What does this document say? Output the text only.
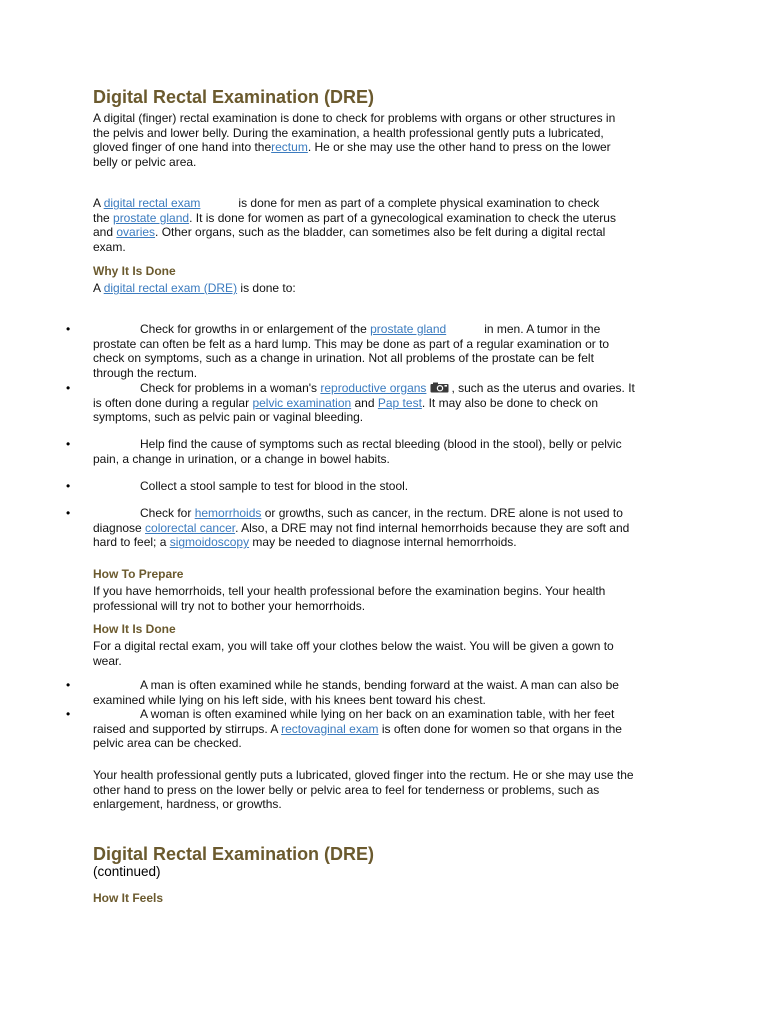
Digital Rectal Examination (DRE)
A digital (finger) rectal examination is done to check for problems with organs or other structures in
the pelvis and lower belly. During the examination, a health professional gently puts a lubricated,
gloved finger of one hand into therectum. He or she may use the other hand to press on the lower
belly or pelvic area.
A digital rectal exam	is done for men as part of a complete physical examination to check
the prostate gland. It is done for women as part of a gynecological examination to check the uterus
and ovaries. Other organs, such as the bladder, can sometimes also be felt during a digital rectal
exam.
Why It Is Done
A digital rectal exam (DRE) is done to:
•	Check for growths in or enlargement of the prostate gland	in men. A tumor in the
prostate can often be felt as a hard lump. This may be done as part of a regular examination or to
check on symptoms, such as a change in urination. Not all problems of the prostate can be felt
through the rectum.
•	Check for problems in a woman's reproductive organs , such as the uterus and ovaries. It
is often done during a regular pelvic examination and Pap test. It may also be done to check on
symptoms, such as pelvic pain or vaginal bleeding.
•	Help find the cause of symptoms such as rectal bleeding (blood in the stool), belly or pelvic
pain, a change in urination, or a change in bowel habits.
•	Collect a stool sample to test for blood in the stool.
•	Check for hemorrhoids or growths, such as cancer, in the rectum. DRE alone is not used to
diagnose colorectal cancer. Also, a DRE may not find internal hemorrhoids because they are soft and
hard to feel; a sigmoidoscopy may be needed to diagnose internal hemorrhoids.
How To Prepare
If you have hemorrhoids, tell your health professional before the examination begins. Your health
professional will try not to bother your hemorrhoids.
How It Is Done
For a digital rectal exam, you will take off your clothes below the waist. You will be given a gown to
wear.
•	A man is often examined while he stands, bending forward at the waist. A man can also be
examined while lying on his left side, with his knees bent toward his chest.
•	A woman is often examined while lying on her back on an examination table, with her feet
raised and supported by stirrups. A rectovaginal exam is often done for women so that organs in the
pelvic area can be checked.
Your health professional gently puts a lubricated, gloved finger into the rectum. He or she may use the
other hand to press on the lower belly or pelvic area to feel for tenderness or problems, such as
enlargement, hardness, or growths.
Digital Rectal Examination (DRE)
(continued)
How It Feels
